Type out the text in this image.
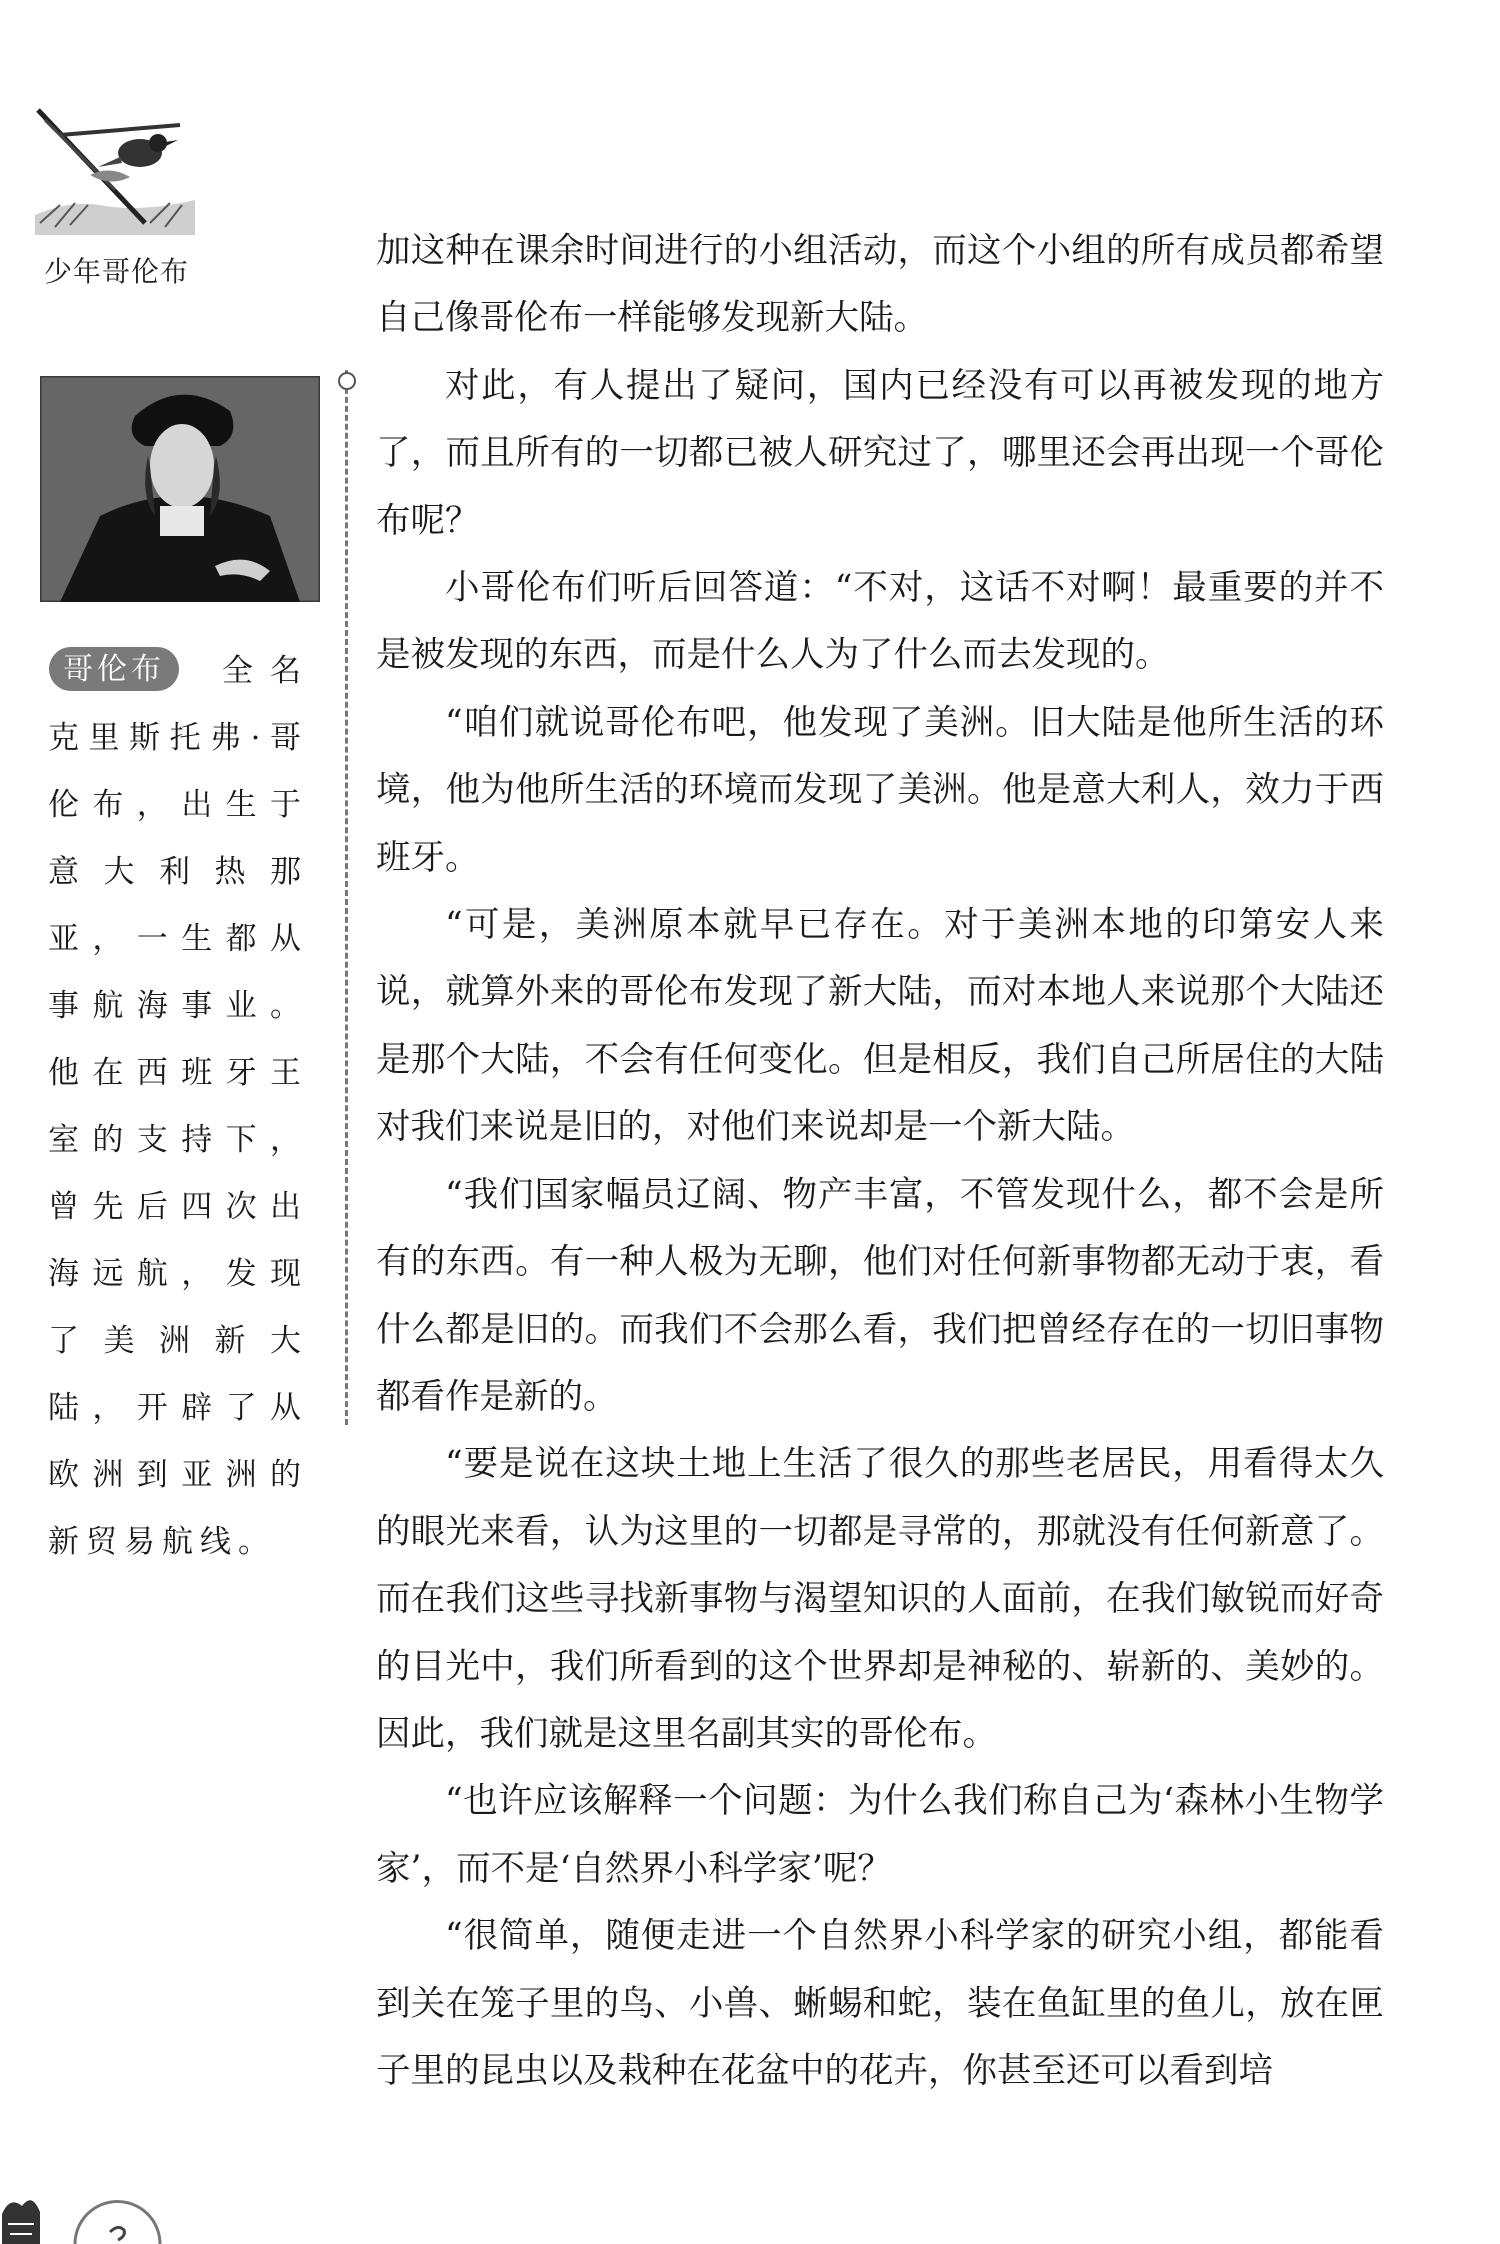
少年哥伦布
哥伦布 全名克里斯托弗·哥伦布，出生于意大利热那亚，一生都从事航海事业。他在西班牙王室的支持下，曾先后四次出海远航，发现了美洲新大陆，开辟了从欧洲到亚洲的新贸易航线。

加这种在课余时间进行的小组活动，而这个小组的所有成员都希望自己像哥伦布一样能够发现新大陆。

对此，有人提出了疑问，国内已经没有可以再被发现的地方了，而且所有的一切都已被人研究过了，哪里还会再出现一个哥伦布呢？

小哥伦布们听后回答道：“不对，这话不对啊！最重要的并不是被发现的东西，而是什么人为了什么而去发现的。

“咱们就说哥伦布吧，他发现了美洲。旧大陆是他所生活的环境，他为他所生活的环境而发现了美洲。他是意大利人，效力于西班牙。

“可是，美洲原本就早已存在。对于美洲本地的印第安人来说，就算外来的哥伦布发现了新大陆，而对本地人来说那个大陆还是那个大陆，不会有任何变化。但是相反，我们自己所居住的大陆对我们来说是旧的，对他们来说却是一个新大陆。

“我们国家幅员辽阔、物产丰富，不管发现什么，都不会是所有的东西。有一种人极为无聊，他们对任何新事物都无动于衷，看什么都是旧的。而我们不会那么看，我们把曾经存在的一切旧事物都看作是新的。

“要是说在这块土地上生活了很久的那些老居民，用看得太久的眼光来看，认为这里的一切都是寻常的，那就没有任何新意了。而在我们这些寻找新事物与渴望知识的人面前，在我们敏锐而好奇的目光中，我们所看到的这个世界却是神秘的、崭新的、美妙的。因此，我们就是这里名副其实的哥伦布。

“也许应该解释一个问题：为什么我们称自己为‘森林小生物学家’，而不是‘自然界小科学家’呢？

“很简单，随便走进一个自然界小科学家的研究小组，都能看到关在笼子里的鸟、小兽、蜥蜴和蛇，装在鱼缸里的鱼儿，放在匣子里的昆虫以及栽种在花盆中的花卉，你甚至还可以看到培
